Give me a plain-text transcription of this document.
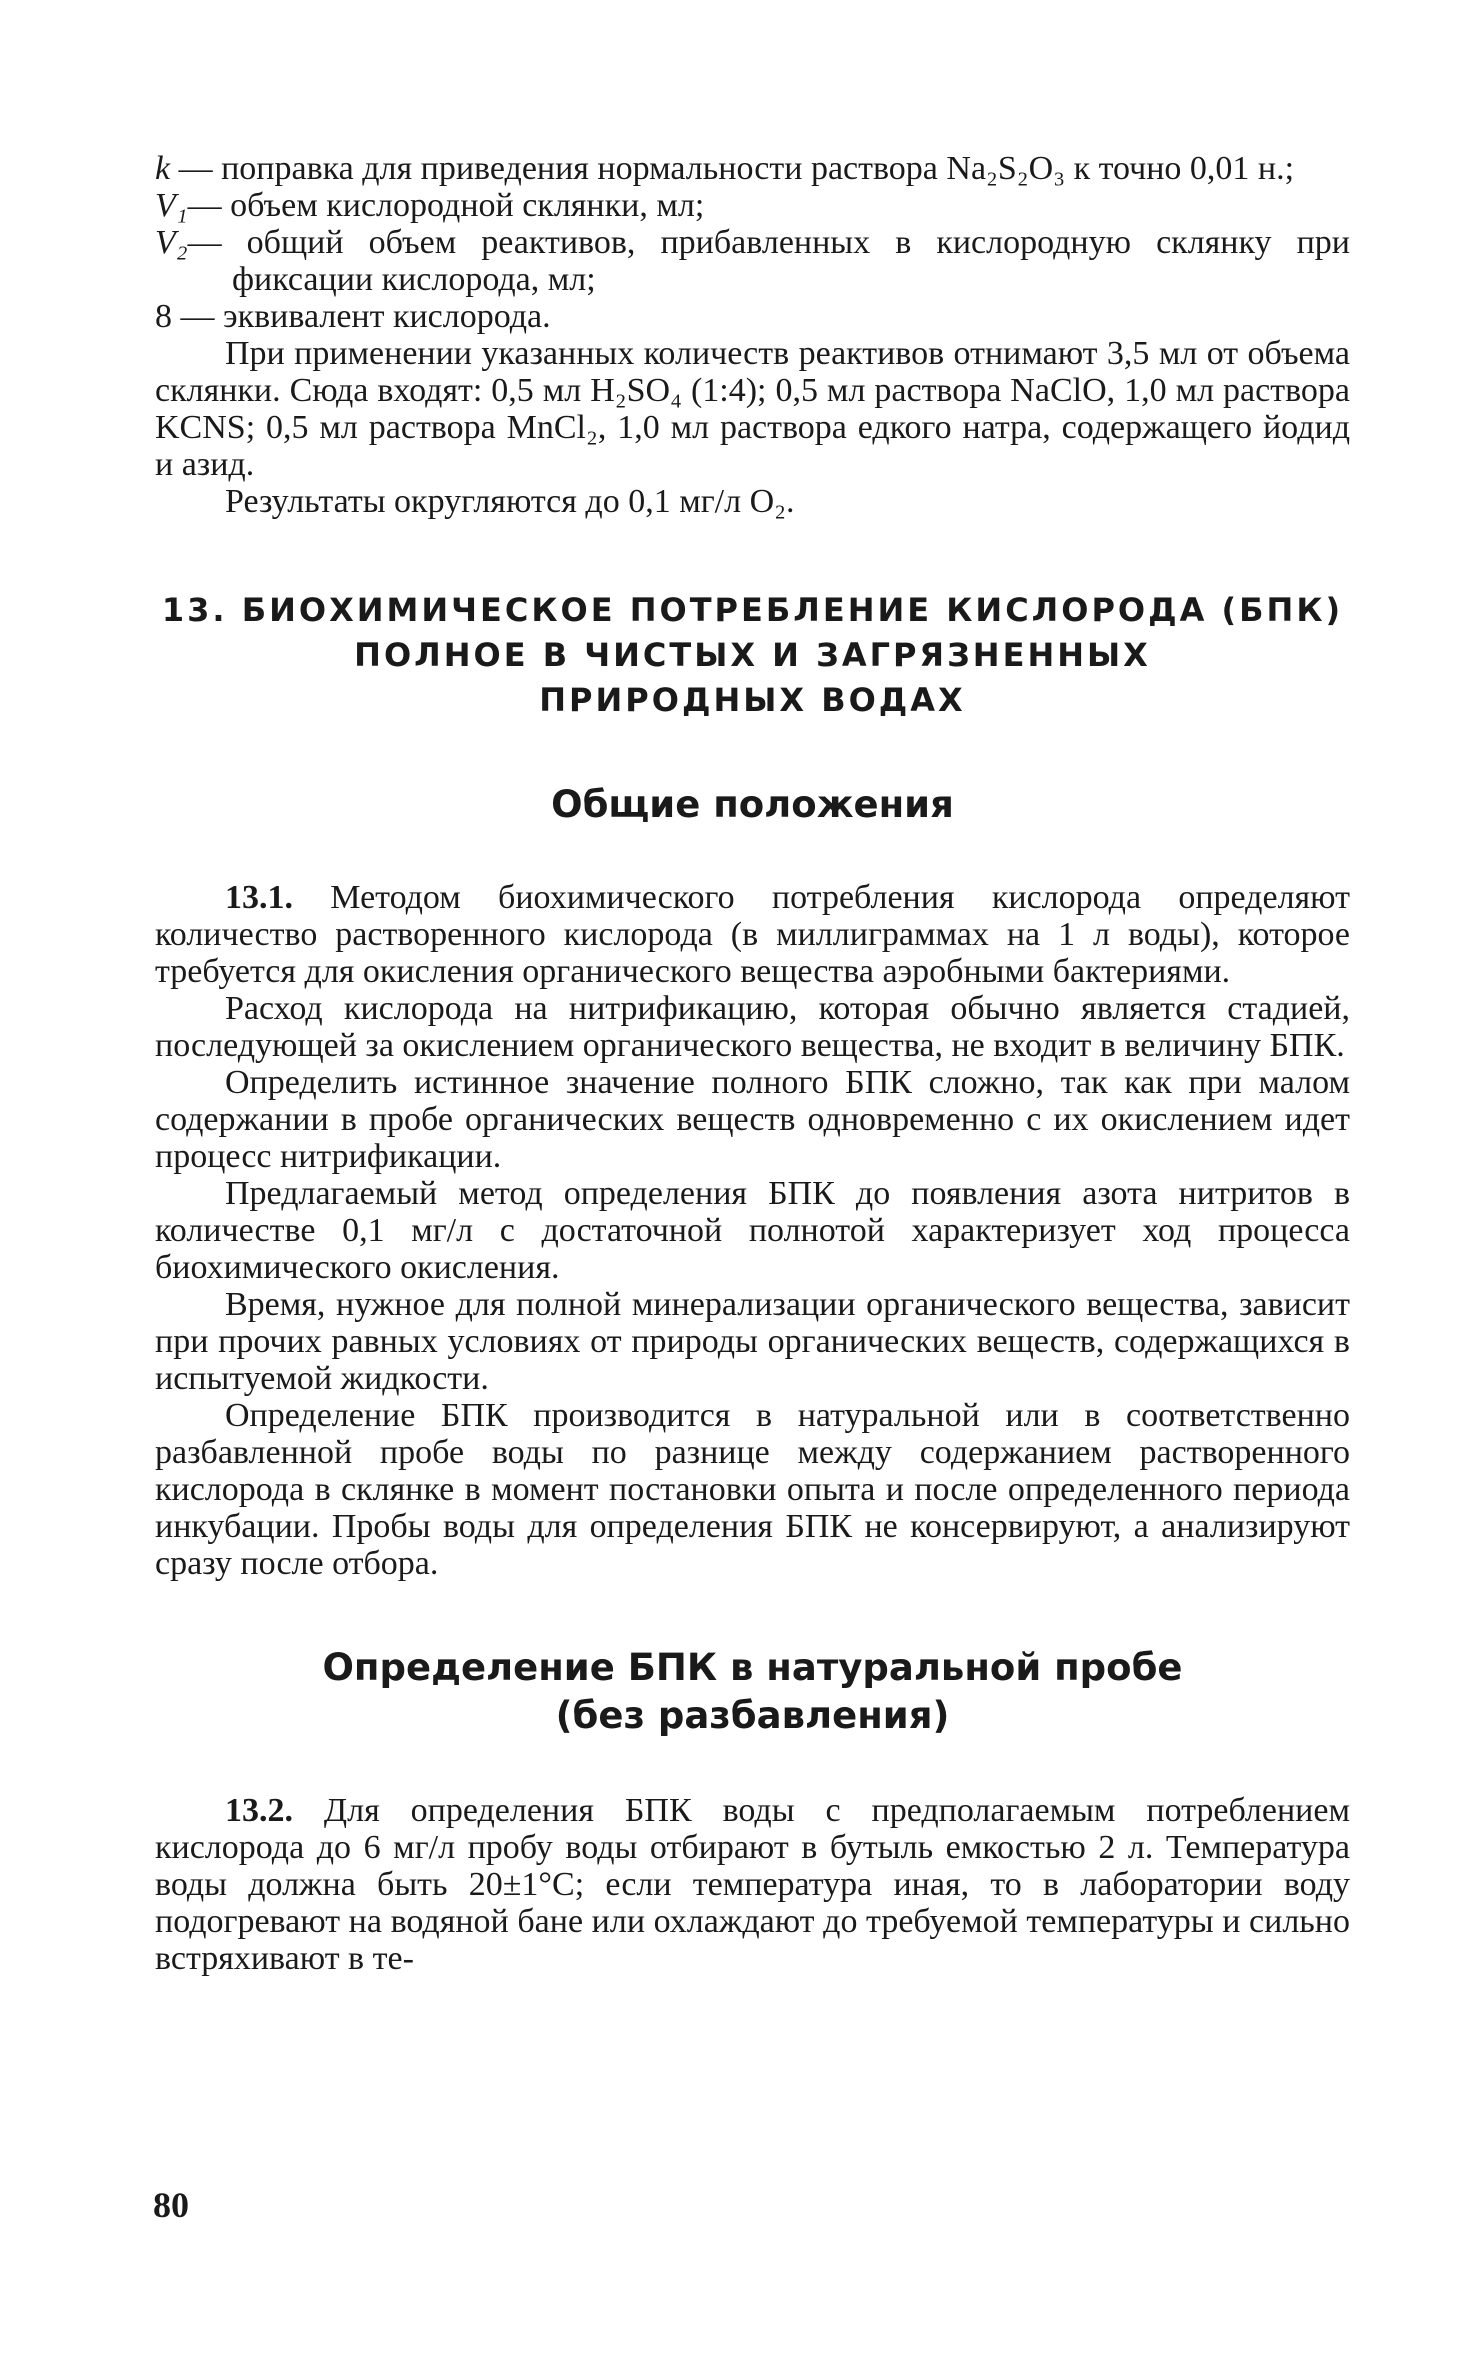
k — поправка для приведения нормальности раствора Na₂S₂O₃ к точно 0,01 н.;

V₁— объем кислородной склянки, мл;

V₂— общий объем реактивов, прибавленных в кислородную склянку при фиксации кислорода, мл;

8 — эквивалент кислорода.

При применении указанных количеств реактивов отнимают 3,5 мл от объема склянки. Сюда входят: 0,5 мл H₂SO₄ (1:4); 0,5 мл раствора NaClO, 1,0 мл раствора KCNS; 0,5 мл раствора MnCl₂, 1,0 мл раствора едкого натра, содержащего йодид и азид.

Результаты округляются до 0,1 мг/л O₂.

13. БИОХИМИЧЕСКОЕ ПОТРЕБЛЕНИЕ КИСЛОРОДА (БПК)
ПОЛНОЕ В ЧИСТЫХ И ЗАГРЯЗНЕННЫХ
ПРИРОДНЫХ ВОДАХ
Общие положения

13.1. Методом биохимического потребления кислорода определяют количество растворенного кислорода (в миллиграммах на 1 л воды), которое требуется для окисления органического вещества аэробными бактериями.

Расход кислорода на нитрификацию, которая обычно является стадией, последующей за окислением органического вещества, не входит в величину БПК.

Определить истинное значение полного БПК сложно, так как при малом содержании в пробе органических веществ одновременно с их окислением идет процесс нитрификации.

Предлагаемый метод определения БПК до появления азота нитритов в количестве 0,1 мг/л с достаточной полнотой характеризует ход процесса биохимического окисления.

Время, нужное для полной минерализации органического вещества, зависит при прочих равных условиях от природы органических веществ, содержащихся в испытуемой жидкости.

Определение БПК производится в натуральной или в соответственно разбавленной пробе воды по разнице между содержанием растворенного кислорода в склянке в момент постановки опыта и после определенного периода инкубации. Пробы воды для определения БПК не консервируют, а анализируют сразу после отбора.

Определение БПК в натуральной пробе
(без разбавления)

13.2. Для определения БПК воды с предполагаемым потреблением кислорода до 6 мг/л пробу воды отбирают в бутыль емкостью 2 л. Температура воды должна быть 20±1°С; если температура иная, то в лаборатории воду подогревают на водяной бане или охлаждают до требуемой температуры и сильно встряхивают в те-

80
